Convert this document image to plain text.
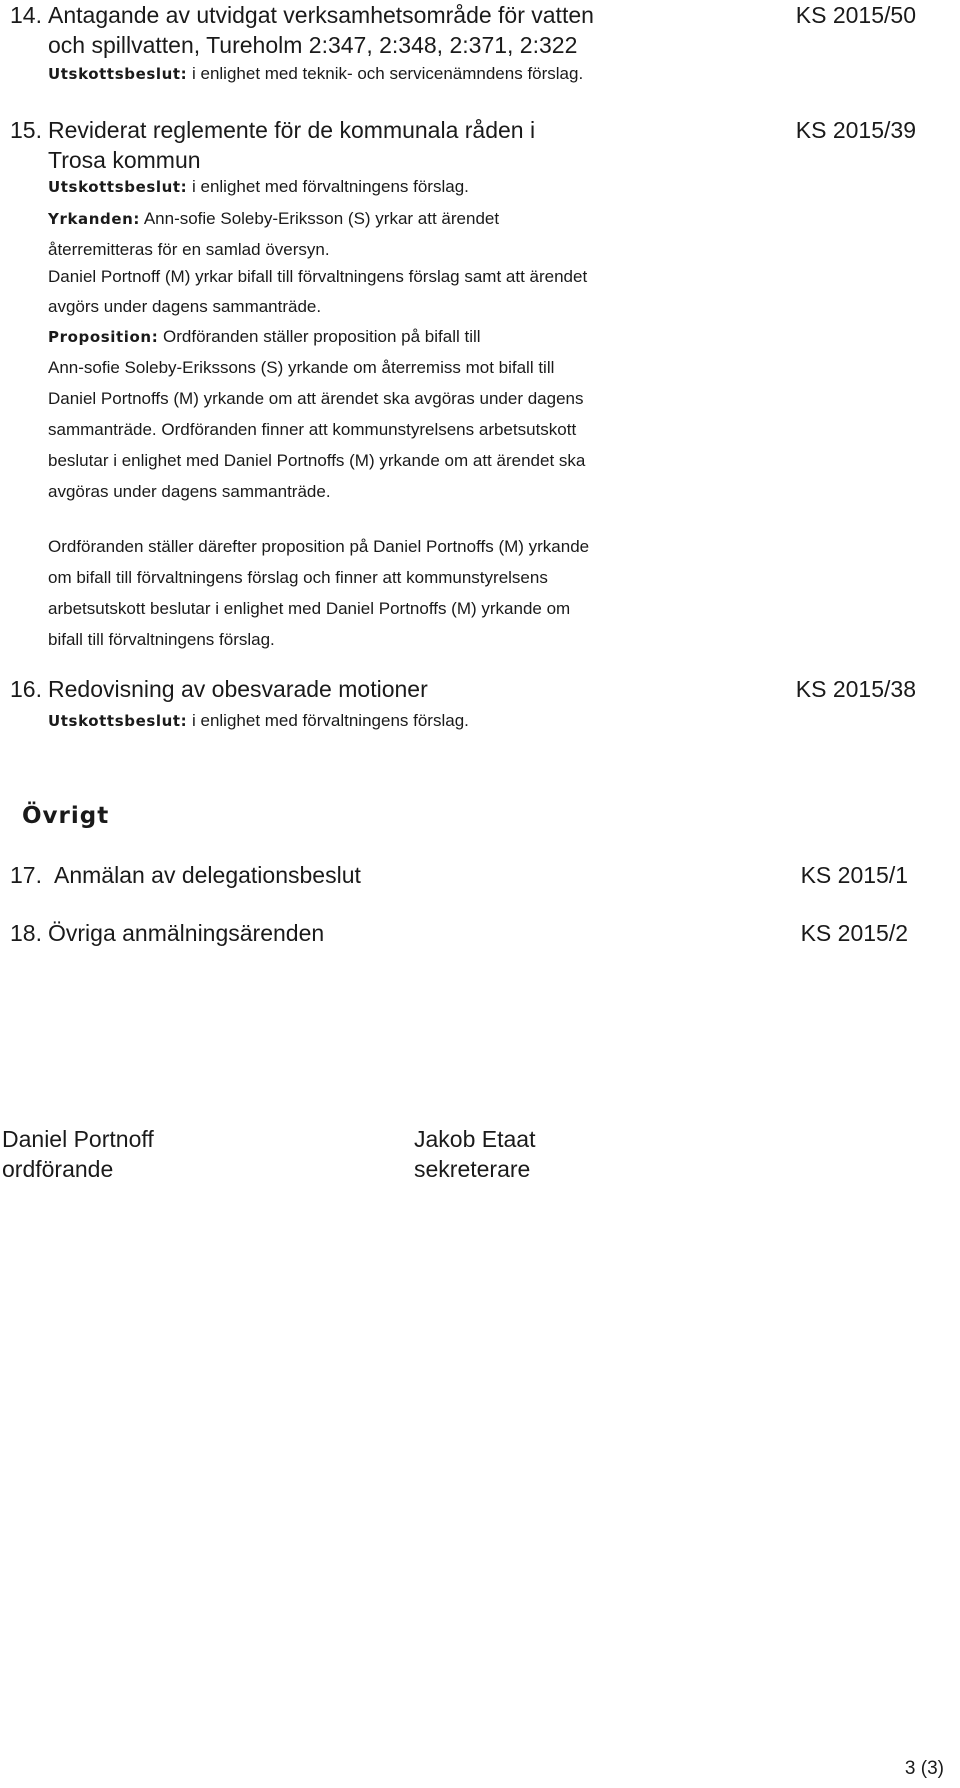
14. Antagande av utvidgat verksamhetsområde för vatten
och spillvatten, Tureholm 2:347, 2:348, 2:371, 2:322
KS 2015/50
Utskottsbeslut: i enlighet med teknik- och servicenämndens förslag.
15. Reviderat reglemente för de kommunala råden i
Trosa kommun
KS 2015/39
Utskottsbeslut: i enlighet med förvaltningens förslag.
Yrkanden: Ann-sofie Soleby-Eriksson (S) yrkar att ärendet
återremitteras för en samlad översyn.
Daniel Portnoff (M) yrkar bifall till förvaltningens förslag samt att ärendet
avgörs under dagens sammanträde.
Proposition: Ordföranden ställer proposition på bifall till
Ann-sofie Soleby-Erikssons (S) yrkande om återremiss mot bifall till
Daniel Portnoffs (M) yrkande om att ärendet ska avgöras under dagens
sammanträde. Ordföranden finner att kommunstyrelsens arbetsutskott
beslutar i enlighet med Daniel Portnoffs (M) yrkande om att ärendet ska
avgöras under dagens sammanträde.
Ordföranden ställer därefter proposition på Daniel Portnoffs (M) yrkande
om bifall till förvaltningens förslag och finner att kommunstyrelsens
arbetsutskott beslutar i enlighet med Daniel Portnoffs (M) yrkande om
bifall till förvaltningens förslag.
16. Redovisning av obesvarade motioner	KS 2015/38
Utskottsbeslut: i enlighet med förvaltningens förslag.
Övrigt
17. Anmälan av delegationsbeslut	KS 2015/1
18. Övriga anmälningsärenden	KS 2015/2
Daniel Portnoff
ordförande
Jakob Etaat
sekreterare
3 (3)
